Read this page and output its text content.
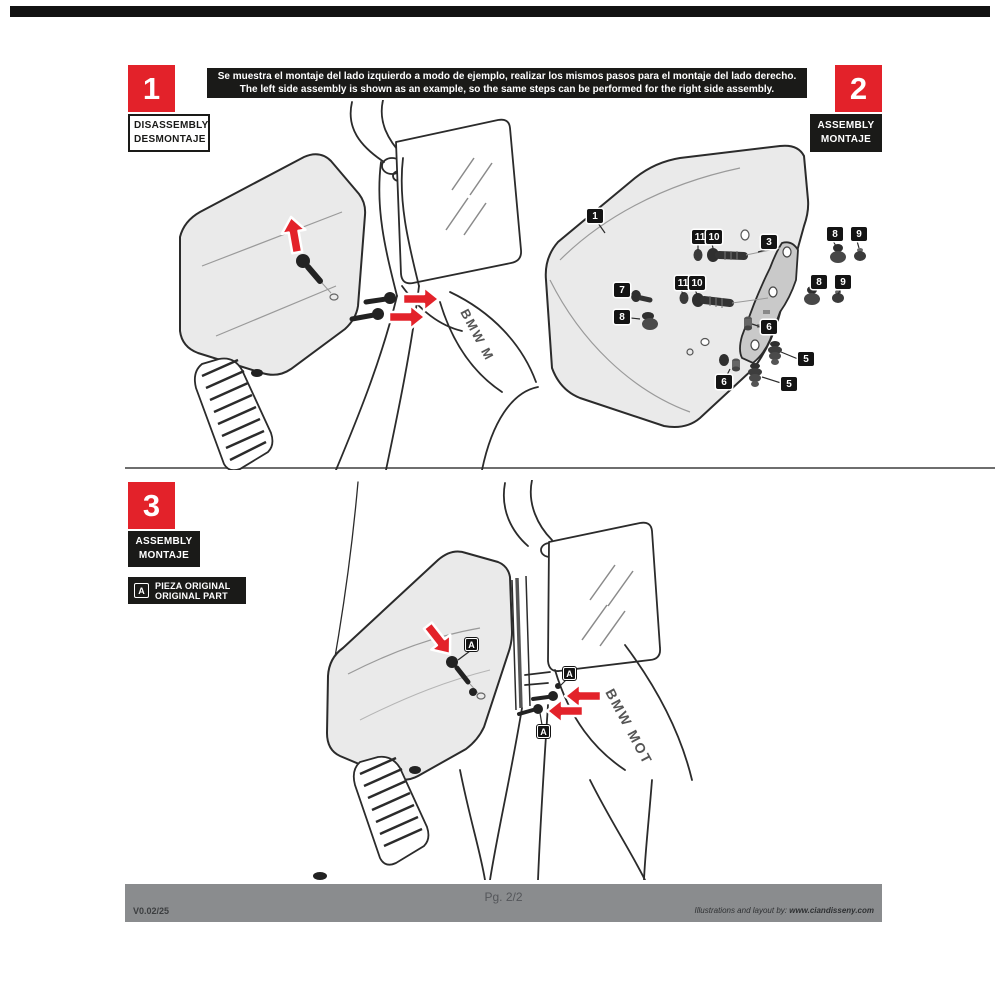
Se muestra el montaje del lado izquierdo a modo de ejemplo, realizar los mismos pasos para el montaje del lado derecho.
The left side assembly is shown as an example, so the same steps can be performed for the right side assembly.
1
DISASSEMBLY
DESMONTAJE
2
ASSEMBLY
MONTAJE
3
ASSEMBLY
MONTAJE
A	PIEZA ORIGINAL
ORIGINAL PART
BMW M
BMW MOT
1
11 10	3
8	9
7
11 10	8	9
8
6
5
6	5
A
A
A
V0.02/25
Pg. 2/2
Illustrations and layout by: www.ciandisseny.com
